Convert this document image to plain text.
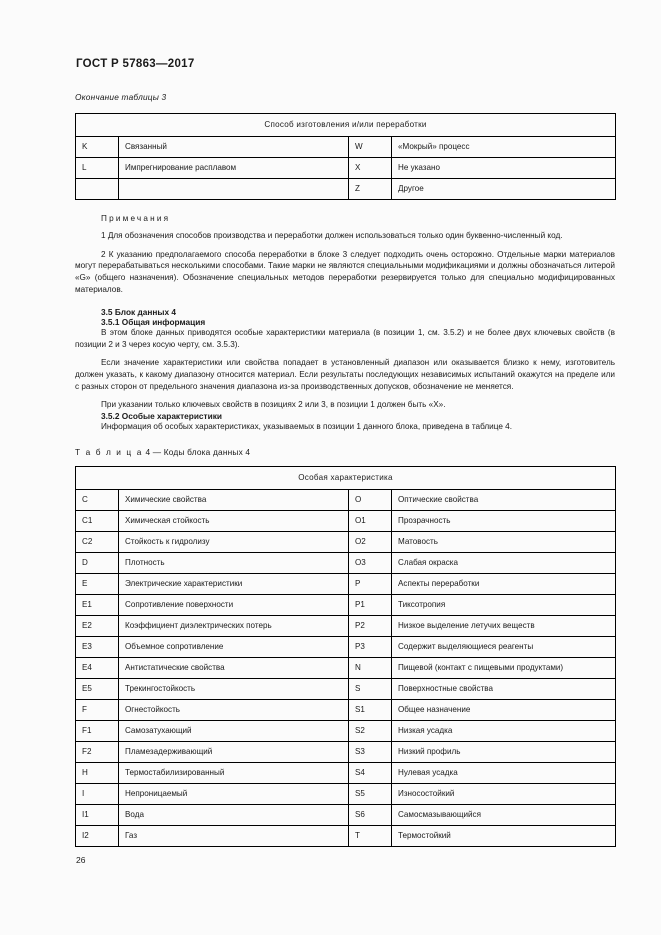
ГОСТ Р 57863—2017

Окончание таблицы 3

Способ изготовления и/или переработки			
K	Связанный	W	«Мокрый» процесс
L	Импрегнирование расплавом	X	Не указано
		Z	Другое

Примечания

1 Для обозначения способов производства и переработки должен использоваться только один буквенно-численный код.

2 К указанию предполагаемого способа переработки в блоке 3 следует подходить очень осторожно. Отдельные марки материалов могут перерабатываться несколькими способами. Такие марки не являются специальными модификациями и должны обозначаться литерой «G» (общего назначения). Обозначение специальных методов переработки резервируется только для специально модифицированных материалов.

3.5 Блок данных 4

3.5.1 Общая информация

В этом блоке данных приводятся особые характеристики материала (в позиции 1, см. 3.5.2) и не более двух ключевых свойств (в позиции 2 и 3 через косую черту, см. 3.5.3).

Если значение характеристики или свойства попадает в установленный диапазон или оказывается близко к нему, изготовитель должен указать, к какому диапазону относится материал. Если результаты последующих независимых испытаний окажутся на пределе или с разных сторон от предельного значения диапазона из-за производственных допусков, обозначение не меняется.

При указании только ключевых свойств в позициях 2 или 3, в позиции 1 должен быть «X».

3.5.2 Особые характеристики

Информация об особых характеристиках, указываемых в позиции 1 данного блока, приведена в таблице 4.

Т а б л и ц а 4 — Коды блока данных 4

Особая характеристика			
C	Химические свойства	O	Оптические свойства
C1	Химическая стойкость	O1	Прозрачность
C2	Стойкость к гидролизу	O2	Матовость
D	Плотность	O3	Слабая окраска
E	Электрические характеристики	P	Аспекты переработки
E1	Сопротивление поверхности	P1	Тиксотропия
E2	Коэффициент диэлектрических потерь	P2	Низкое выделение летучих веществ
E3	Объемное сопротивление	P3	Содержит выделяющиеся реагенты
E4	Антистатические свойства	N	Пищевой (контакт с пищевыми продуктами)
E5	Трекингостойкость	S	Поверхностные свойства
F	Огнестойкость	S1	Общее назначение
F1	Самозатухающий	S2	Низкая усадка
F2	Пламезадерживающий	S3	Низкий профиль
H	Термостабилизированный	S4	Нулевая усадка
I	Непроницаемый	S5	Износостойкий
I1	Вода	S6	Самосмазывающийся
I2	Газ	T	Термостойкий
26
